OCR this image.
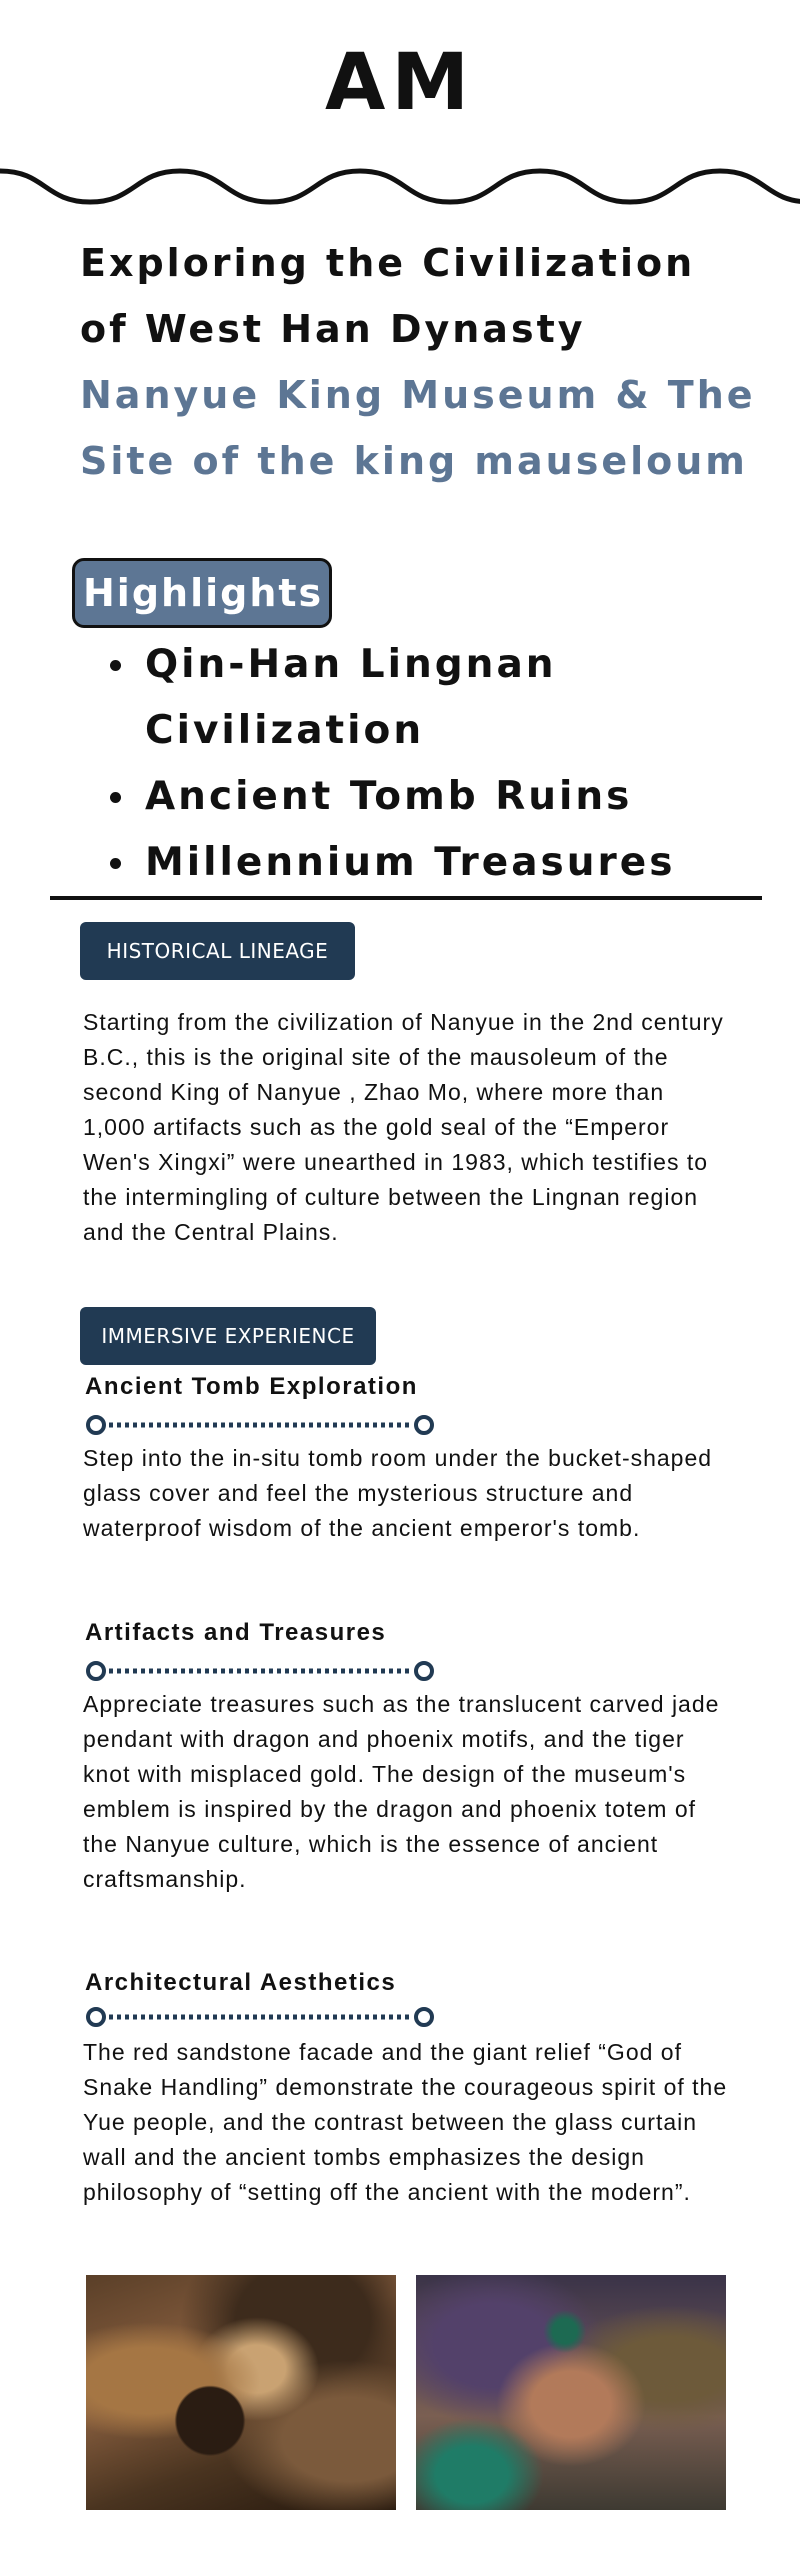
AM
Exploring the Civilization
of West Han Dynasty
Nanyue King Museum & The
Site of the king mauseloum
Highlights
Qin-Han Lingnan Civilization
Ancient Tomb Ruins
Millennium Treasures
HISTORICAL LINEAGE
Starting from the civilization of Nanyue in the 2nd century B.C., this is the original site of the mausoleum of the second King of Nanyue , Zhao Mo, where more than 1,000 artifacts such as the gold seal of the “Emperor Wen's Xingxi” were unearthed in 1983, which testifies to the intermingling of culture between the Lingnan region and the Central Plains.
IMMERSIVE EXPERIENCE
Ancient Tomb Exploration
Step into the in-situ tomb room under the bucket-shaped glass cover and feel the mysterious structure and waterproof wisdom of the ancient emperor's tomb.
Artifacts and Treasures
Appreciate treasures such as the translucent carved jade pendant with dragon and phoenix motifs, and the tiger knot with misplaced gold. The design of the museum's emblem is inspired by the dragon and phoenix totem of the Nanyue culture, which is the essence of ancient craftsmanship.
Architectural Aesthetics
The red sandstone facade and the giant relief “God of Snake Handling” demonstrate the courageous spirit of the Yue people, and the contrast between the glass curtain wall and the ancient tombs emphasizes the design philosophy of “setting off the ancient with the modern”.
